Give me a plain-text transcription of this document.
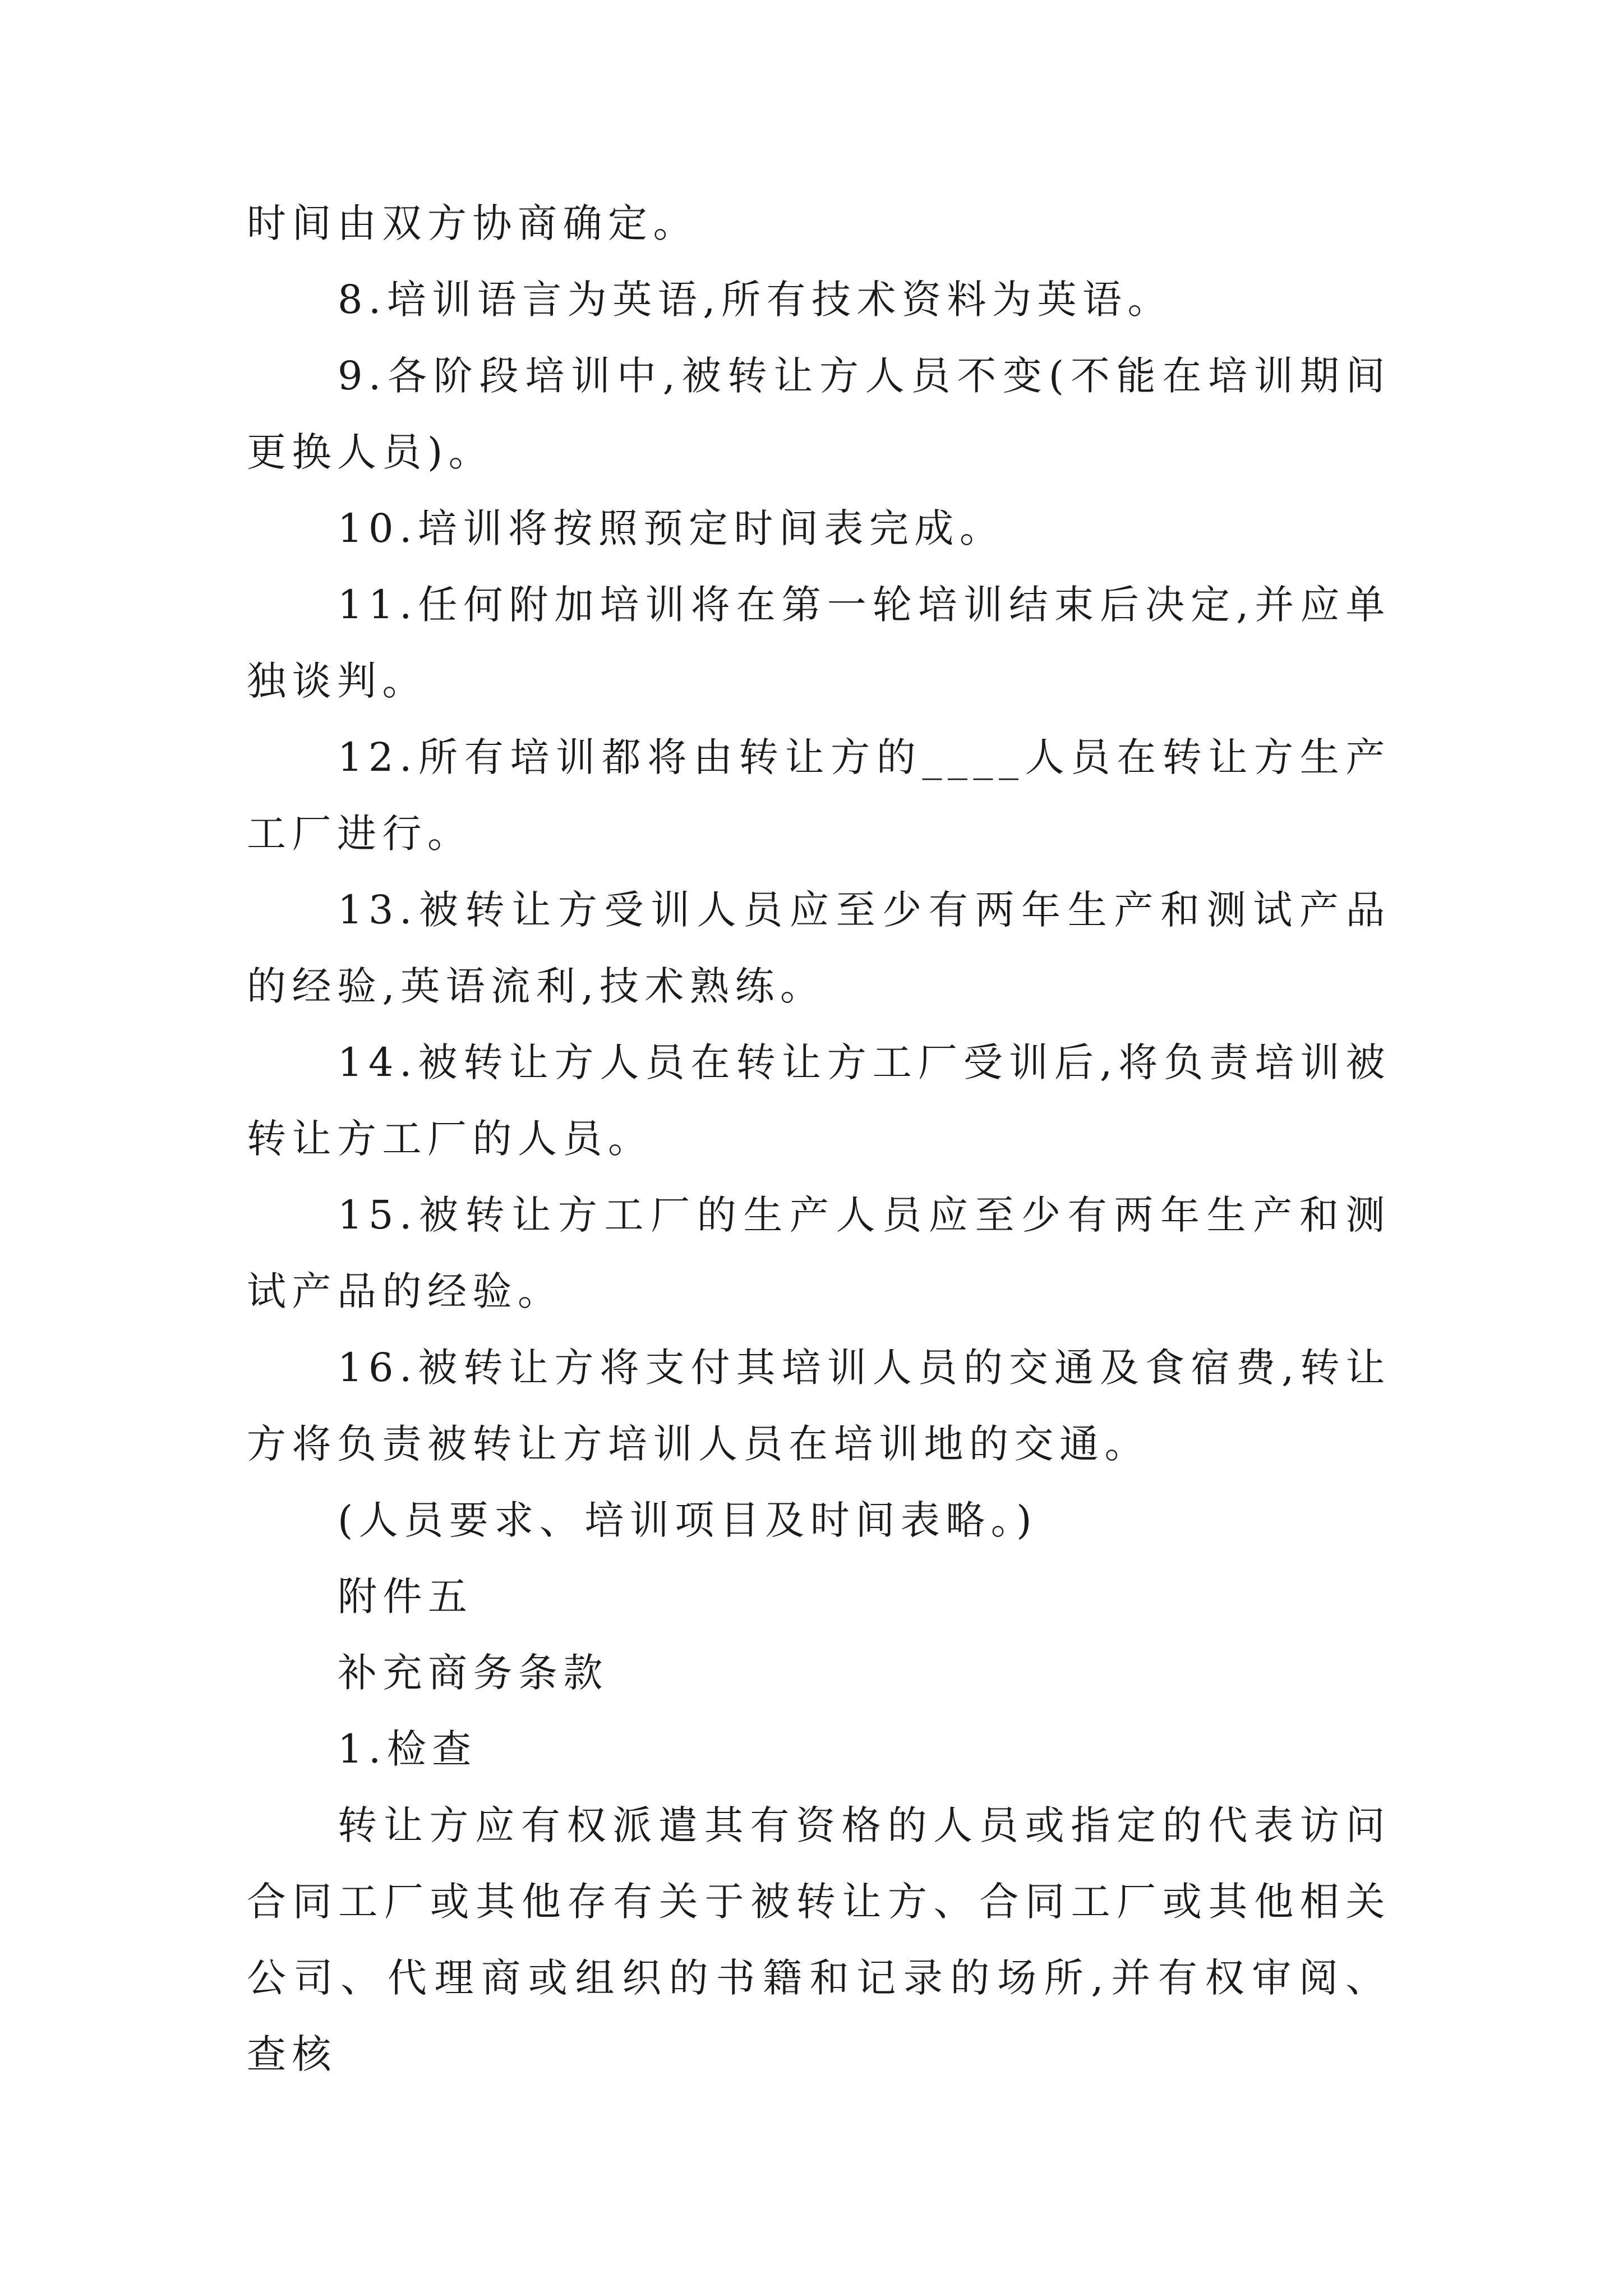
时间由双方协商确定。

8.培训语言为英语,所有技术资料为英语。

9.各阶段培训中,被转让方人员不变(不能在培训期间更换人员)。

10.培训将按照预定时间表完成。

11.任何附加培训将在第一轮培训结束后决定,并应单独谈判。

12.所有培训都将由转让方的____人员在转让方生产工厂进行。

13.被转让方受训人员应至少有两年生产和测试产品的经验,英语流利,技术熟练。

14.被转让方人员在转让方工厂受训后,将负责培训被转让方工厂的人员。

15.被转让方工厂的生产人员应至少有两年生产和测试产品的经验。

16.被转让方将支付其培训人员的交通及食宿费,转让方将负责被转让方培训人员在培训地的交通。

(人员要求、培训项目及时间表略。)

附件五

补充商务条款

1.检查

转让方应有权派遣其有资格的人员或指定的代表访问合同工厂或其他存有关于被转让方、合同工厂或其他相关公司、代理商或组织的书籍和记录的场所,并有权审阅、查核
